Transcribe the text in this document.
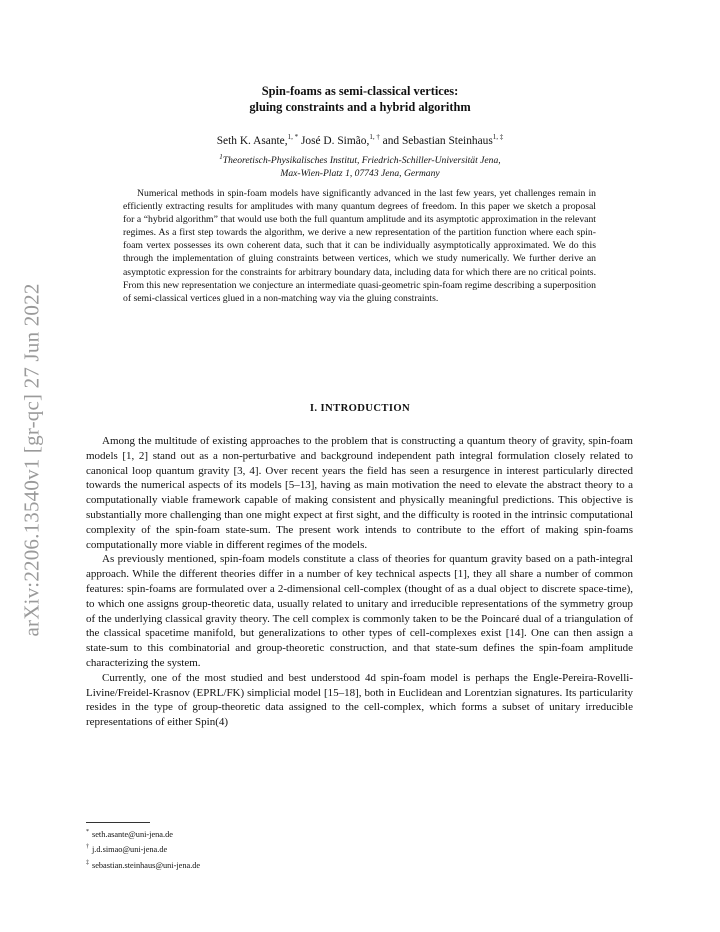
arXiv:2206.13540v1 [gr-qc] 27 Jun 2022
Spin-foams as semi-classical vertices:
gluing constraints and a hybrid algorithm
Seth K. Asante,$^{1, *}$ José D. Simão,$^{1, \dagger}$ and Sebastian Steinhaus$^{1, \ddagger}$
$^1$Theoretisch-Physikalisches Institut, Friedrich-Schiller-Universität Jena,
Max-Wien-Platz 1, 07743 Jena, Germany
Numerical methods in spin-foam models have significantly advanced in the last few years, yet challenges remain in efficiently extracting results for amplitudes with many quantum degrees of freedom. In this paper we sketch a proposal for a “hybrid algorithm” that would use both the full quantum amplitude and its asymptotic approximation in the relevant regimes. As a first step towards the algorithm, we derive a new representation of the partition function where each spin-foam vertex possesses its own coherent data, such that it can be individually asymptotically approximated. We do this through the implementation of gluing constraints between vertices, which we study numerically. We further derive an asymptotic expression for the constraints for arbitrary boundary data, including data for which there are no critical points. From this new representation we conjecture an intermediate quasi-geometric spin-foam regime describing a superposition of semi-classical vertices glued in a non-matching way via the gluing constraints.
I. INTRODUCTION

Among the multitude of existing approaches to the problem that is constructing a quantum theory of gravity, spin-foam models [1, 2] stand out as a non-perturbative and background independent path integral formulation closely related to canonical loop quantum gravity [3, 4]. Over recent years the field has seen a resurgence in interest particularly directed towards the numerical aspects of its models [5–13], having as main motivation the need to elevate the abstract theory to a computationally viable framework capable of making consistent and physically meaningful predictions. This objective is substantially more challenging than one might expect at first sight, and the difficulty is rooted in the intrinsic computational complexity of the spin-foam state-sum. The present work intends to contribute to the effort of making spin-foams computationally more viable in different regimes of the models.

As previously mentioned, spin-foam models constitute a class of theories for quantum gravity based on a path-integral approach. While the different theories differ in a number of key technical aspects [1], they all share a number of common features: spin-foams are formulated over a 2-dimensional cell-complex (thought of as a dual object to discrete space-time), to which one assigns group-theoretic data, usually related to unitary and irreducible representations of the symmetry group of the underlying classical gravity theory. The cell complex is commonly taken to be the Poincaré dual of a triangulation of the classical spacetime manifold, but generalizations to other types of cell-complexes exist [14]. One can then assign a state-sum to this combinatorial and group-theoretic construction, and that state-sum defines the spin-foam amplitude characterizing the system.

Currently, one of the most studied and best understood 4d spin-foam model is perhaps the Engle-Pereira-Rovelli-Livine/Freidel-Krasnov (EPRL/FK) simplicial model [15–18], both in Euclidean and Lorentzian signatures. Its particularity resides in the type of group-theoretic data assigned to the cell-complex, which forms a subset of unitary irreducible representations of either Spin(4)

* seth.asante@uni-jena.de
† j.d.simao@uni-jena.de
‡ sebastian.steinhaus@uni-jena.de
